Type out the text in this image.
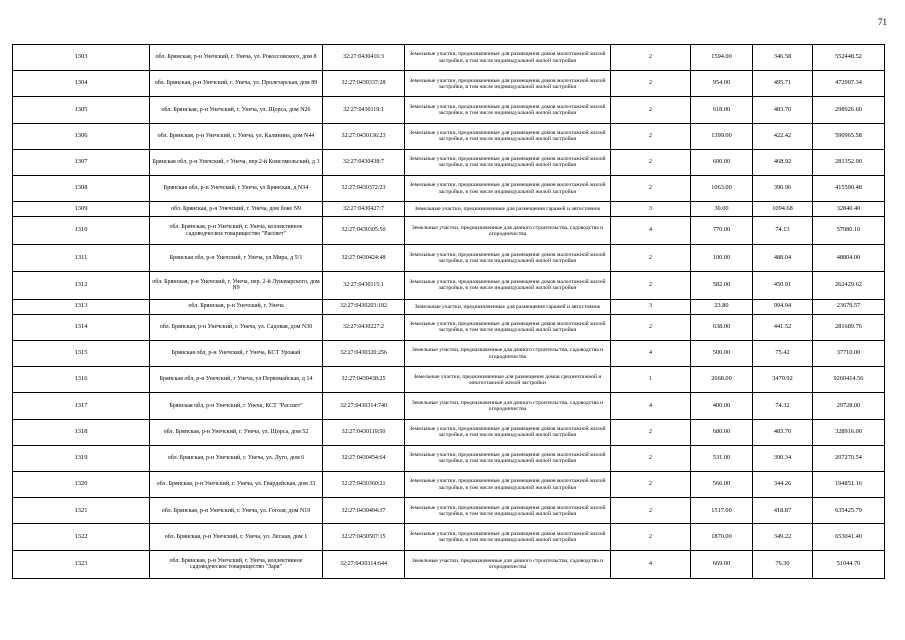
71
1303	обл. Брянская, р-н Унечский, г. Унеча, ул. Рокоссовского, дом 8	32:27:0430416:3	Земельные участки, предназначенные для размещения домов малоэтажной жилой застройки, в том числе индивидуальной жилой застройки	2	1594.00	346.58	552448.52
1304	обл. Брянская, р-н Унечский, г. Унеча, ул. Пролетарская, дом 89	32:27:0430337:28	Земельные участки, предназначенные для размещения домов малоэтажной жилой застройки, в том числе индивидуальной жилой застройки	2	954.00	495.71	472907.34
1305	обл. Брянская, р-н Унечский, г. Унеча, ул. Щорса, дом N26	32:27:0430119:1	Земельные участки, предназначенные для размещения домов малоэтажной жилой застройки, в том числе индивидуальной жилой застройки	2	618.00	483.70	298926.60
1306	обл. Брянская, р-н Унечский, г. Унеча, ул. Калинина, дом N44	32:27:0430136:23	Земельные участки, предназначенные для размещения домов малоэтажной жилой застройки, в том числе индивидуальной жилой застройки	2	1399.00	422.42	590965.58
1307	Брянская обл, р-н Унечский, г Унеча, пер 2-й Комсомольский, д 3	32:27:0430438:7	Земельные участки, предназначенные для размещения домов малоэтажной жилой застройки, в том числе индивидуальной жилой застройки	2	600.00	468.92	281352.00
1308	Брянская обл, р-н Унечский, г Унеча, ул Брянская, д N34	32:27:0430372:23	Земельные участки, предназначенные для размещения домов малоэтажной жилой застройки, в том числе индивидуальной жилой застройки	2	1063.00	390.96	415590.48
1309	обл. Брянская, р-н Унечский, г. Унеча, дом боке N9	32:27:0430427:7	Земельные участки, предназначенные для размещения гаражей и автостоянок	3	30.00	1094.68	32840.40
1310	обл. Брянская, р-н Унечский, г. Унеча, коллективное садоводческое товарищество "Рассвет"	32:27:0430305:50	Земельные участки, предназначенные для дачного строительства, садоводства и огородничества	4	770.00	74.13	57080.10
1311	Брянская обл, р-н Унечский, г Унеча, ул Мира, д 5/1	32:27:0430424:48	Земельные участки, предназначенные для размещения домов малоэтажной жилой застройки, в том числе индивидуальной жилой застройки	2	100.00	488.04	48804.00
1312	обл. Брянская, р-н Унечский, г. Унеча, пер. 2-й Луначарского, дом N9	32:27:0430115:1	Земельные участки, предназначенные для размещения домов малоэтажной жилой застройки, в том числе индивидуальной жилой застройки	2	582.00	450.91	262429.62
1313	обл. Брянская, р-н Унечский, г. Унеча	32:27:0430203:182	Земельные участки, предназначенные для размещения гаражей и автостоянок	3	23.80	994.94	23679.57
1314	обл. Брянская, р-н Унечский, г. Унеча, ул. Садовая, дом N30	32:27:0430227:2	Земельные участки, предназначенные для размещения домов малоэтажной жилой застройки, в том числе индивидуальной жилой застройки	2	638.00	441.52	281689.76
1315	Брянская обл, р-н Унечский, г Унеча, КСТ Урожай	32:27:0430320:256	Земельные участки, предназначенные для дачного строительства, садоводства и огородничества	4	500.00	75.42	37710.00
1316	Брянская обл, р-н Унечский, г Унеча, ул Первомайская, д 14	32:27:0430438:25	Земельные участки, предназначенные для размещения домов среднеэтажной и многоэтажной жилой застройки	1	2668.00	3470.92	9260414.56
1317	Брянская обл, р-н Унечский, г Унеча, КСТ "Рассвет"	32:27:0430314:740	Земельные участки, предназначенные для дачного строительства, садоводства и огородничества	4	400.00	74.32	29728.00
1318	обл. Брянская, р-н Унечский, г. Унеча, ул. Щорса, дом 52	32:27:0430119:50	Земельные участки, предназначенные для размещения домов малоэтажной жилой застройки, в том числе индивидуальной жилой застройки	2	680.00	483.70	328916.00
1319	обл. Брянская, р-н Унечский, г. Унеча, ул. Луго, дом 6	32:27:0430454:64	Земельные участки, предназначенные для размещения домов малоэтажной жилой застройки, в том числе индивидуальной жилой застройки	2	531.00	390.34	207270.54
1320	обл. Брянская, р-н Унечский, г. Унеча, ул. Гвардейская, дом 33	32:27:0430360:21	Земельные участки, предназначенные для размещения домов малоэтажной жилой застройки, в том числе индивидуальной жилой застройки	2	566.00	344.26	194851.16
1321	обл. Брянская, р-н Унечский, г. Унеча, ул. Гоголя, дом N19	32:27:0430404:37	Земельные участки, предназначенные для размещения домов малоэтажной жилой застройки, в том числе индивидуальной жилой застройки	2	1517.00	418.87	635425.79
1322	обл. Брянская, р-н Унечский, г. Унеча, ул. Лесная, дом 1	32:27:0430507:15	Земельные участки, предназначенные для размещения домов малоэтажной жилой застройки, в том числе индивидуальной жилой застройки	2	1870.00	349.22	653041.40
1323	обл. Брянская, р-н Унечский, г. Унеча, коллективное садоводческое товарищество "Заря"	32:27:0430314:644	Земельные участки, предназначенные для дачного строительства, садоводства и огородничества	4	669.00	76.30	51044.70
